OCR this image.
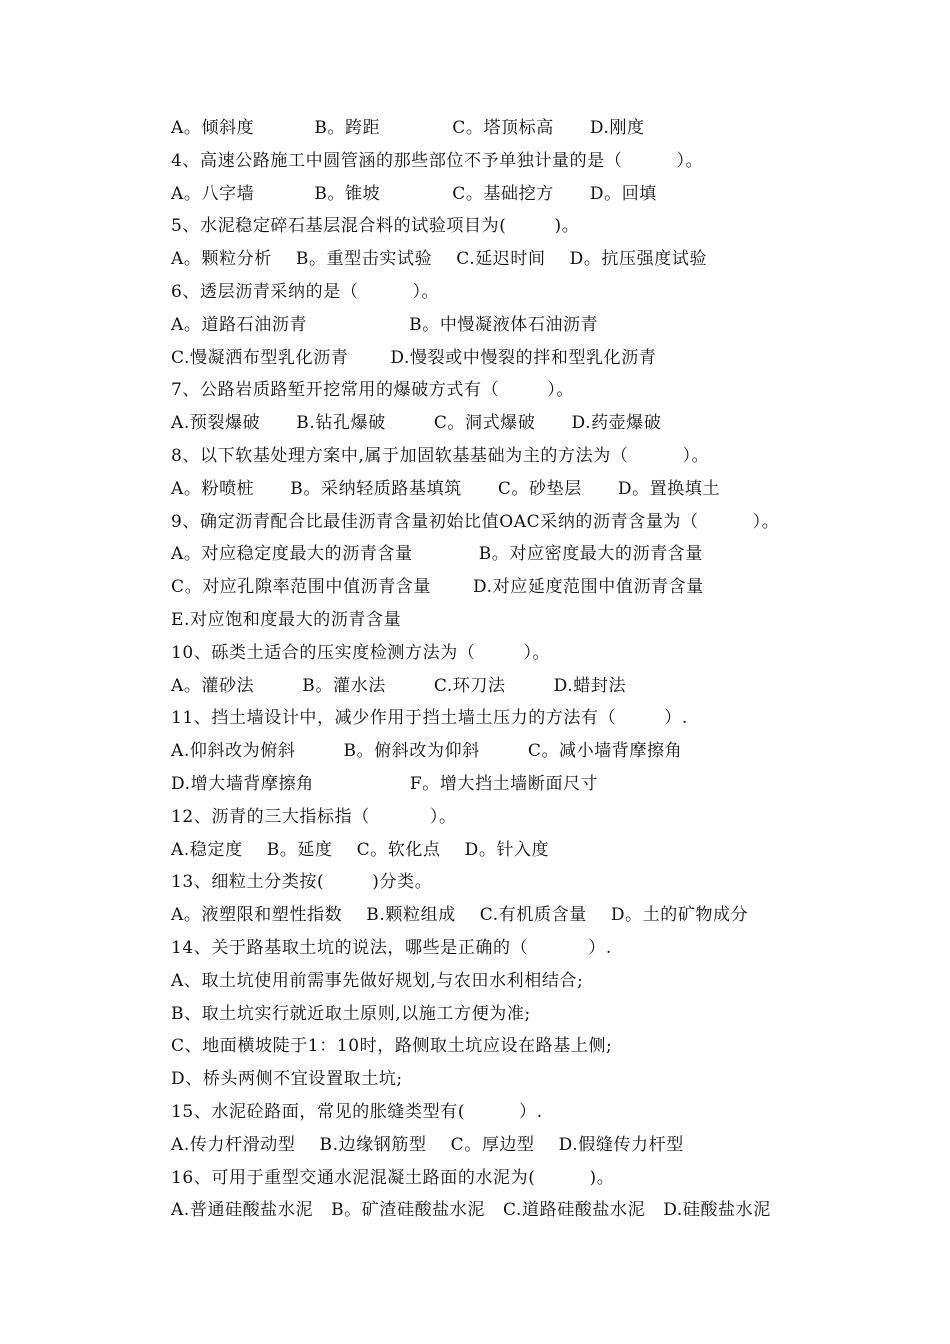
A。倾斜度          B。跨距            C。塔顶标高      D.刚度
4、高速公路施工中圆管涵的那些部位不予单独计量的是（         ）。
A。八字墙          B。锥坡            C。基础挖方      D。回填
5、水泥稳定碎石基层混合料的试验项目为(        )。
A。颗粒分析    B。重型击实试验    C.延迟时间    D。抗压强度试验
6、透层沥青采纳的是（         ）。
A。道路石油沥青                 B。中慢凝液体石油沥青
C.慢凝洒布型乳化沥青       D.慢裂或中慢裂的拌和型乳化沥青
7、公路岩质路堑开挖常用的爆破方式有（        ）。
A.预裂爆破      B.钻孔爆破        C。洞式爆破      D.药壶爆破
8、以下软基处理方案中,属于加固软基基础为主的方法为（         ）。
A。粉喷桩      B。采纳轻质路基填筑      C。砂垫层      D。置换填土
9、确定沥青配合比最佳沥青含量初始比值OAC采纳的沥青含量为（         ）。
A。对应稳定度最大的沥青含量           B。对应密度最大的沥青含量
C。对应孔隙率范围中值沥青含量       D.对应延度范围中值沥青含量
E.对应饱和度最大的沥青含量
10、砾类土适合的压实度检测方法为（        ）。
A。灌砂法        B。灌水法        C.环刀法        D.蜡封法
11、挡土墙设计中，减少作用于挡土墙土压力的方法有（        ）.
A.仰斜改为俯斜        B。俯斜改为仰斜        C。减小墙背摩擦角
D.增大墙背摩擦角                F。增大挡土墙断面尺寸
12、沥青的三大指标指（          ）。
A.稳定度    B。延度    C。软化点    D。针入度
13、细粒土分类按(        )分类。
A。液塑限和塑性指数    B.颗粒组成    C.有机质含量    D。土的矿物成分
14、关于路基取土坑的说法，哪些是正确的（          ）.
A、取土坑使用前需事先做好规划,与农田水利相结合;
B、取土坑实行就近取土原则,以施工方便为准;
C、地面横坡陡于1：10时，路侧取土坑应设在路基上侧;
D、桥头两侧不宜设置取土坑;
15、水泥砼路面，常见的胀缝类型有(         ）.
A.传力杆滑动型    B.边缘钢筋型    C。厚边型    D.假缝传力杆型
16、可用于重型交通水泥混凝土路面的水泥为(         )。
A.普通硅酸盐水泥   B。矿渣硅酸盐水泥   C.道路硅酸盐水泥   D.硅酸盐水泥
